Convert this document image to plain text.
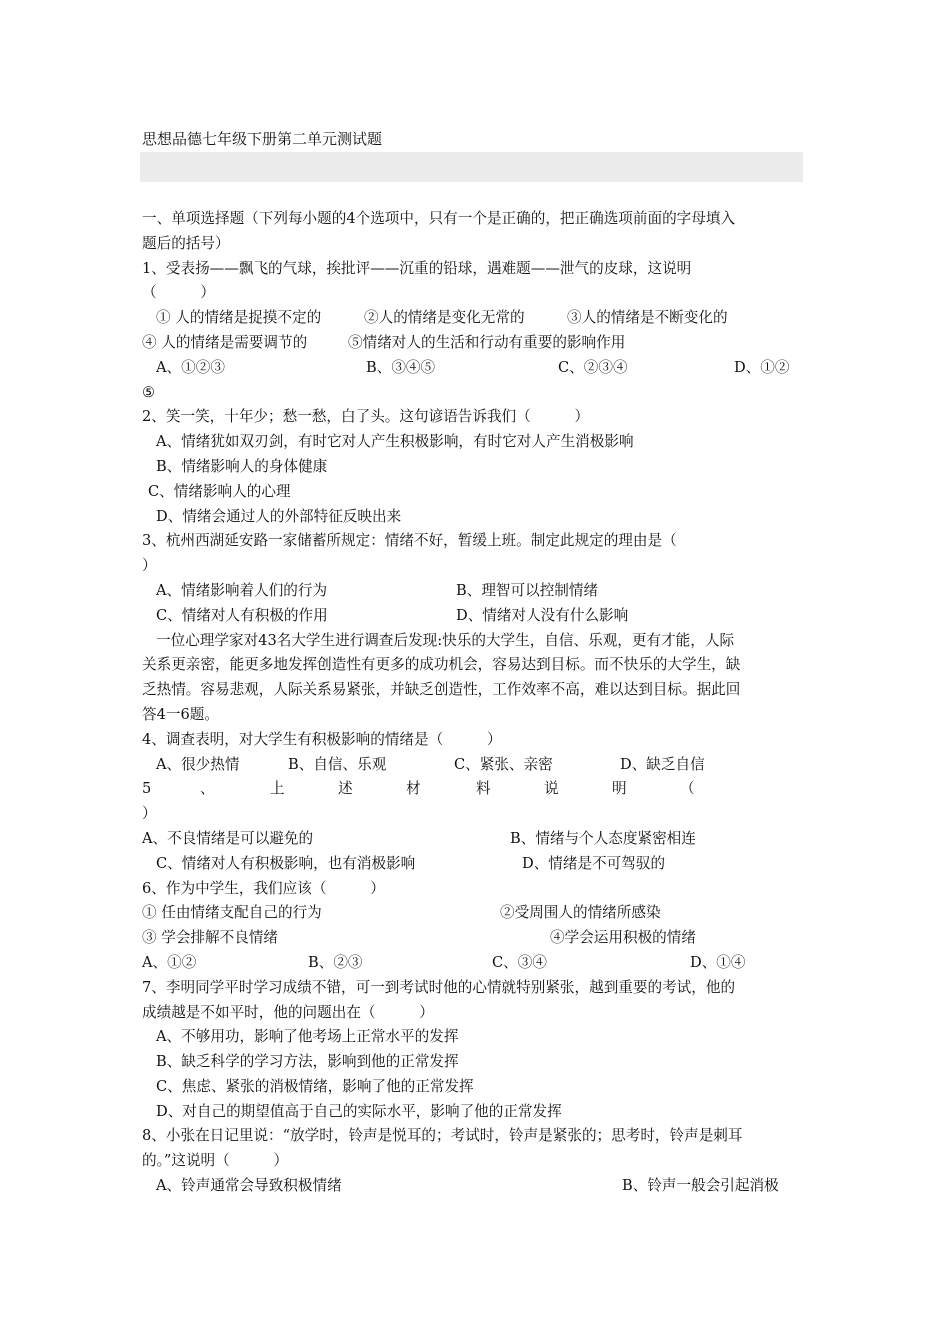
思想品德七年级下册第二单元测试题
一、单项选择题（下列每小题的4个选项中，只有一个是正确的，把正确选项前面的字母填入
题后的括号）
1、受表扬——飘飞的气球，挨批评——沉重的铅球，遇难题——泄气的皮球，这说明
（　　　）
① 人的情绪是捉摸不定的	②人的情绪是变化无常的	③人的情绪是不断变化的
④ 人的情绪是需要调节的	⑤情绪对人的生活和行动有重要的影响作用
A、①②③	B、③④⑤	C、②③④	D、①②
⑤
2、笑一笑，十年少；愁一愁，白了头。这句谚语告诉我们（　　　）
A、情绪犹如双刃剑，有时它对人产生积极影响，有时它对人产生消极影响
B、情绪影响人的身体健康
C、情绪影响人的心理
D、情绪会通过人的外部特征反映出来
3、杭州西湖延安路一家储蓄所规定：情绪不好，暂缓上班。制定此规定的理由是（
）
A、情绪影响着人们的行为	B、理智可以控制情绪
C、情绪对人有积极的作用	D、情绪对人没有什么影响
一位心理学家对43名大学生进行调查后发现:快乐的大学生，自信、乐观，更有才能，人际
关系更亲密，能更多地发挥创造性有更多的成功机会，容易达到目标。而不快乐的大学生，缺
乏热情。容易悲观，人际关系易紧张，并缺乏创造性，工作效率不高，难以达到目标。据此回
答4一6题。
4、调查表明，对大学生有积极影响的情绪是（　　　）
A、很少热情	B、自信、乐观	C、紧张、亲密	D、缺乏自信
5	、	上	述	材	料	说	明	（
）
A、不良情绪是可以避免的	B、情绪与个人态度紧密相连
C、情绪对人有积极影响，也有消极影响	D、情绪是不可驾驭的
6、作为中学生，我们应该（　　　）
① 任由情绪支配自己的行为	②受周围人的情绪所感染
③ 学会排解不良情绪	④学会运用积极的情绪
A、①②	B、②③	C、③④	D、①④
7、李明同学平时学习成绩不错，可一到考试时他的心情就特别紧张，越到重要的考试，他的
成绩越是不如平时，他的问题出在（　　　）
A、不够用功，影响了他考场上正常水平的发挥
B、缺乏科学的学习方法，影响到他的正常发挥
C、焦虑、紧张的消极情绪，影响了他的正常发挥
D、对自己的期望值高于自己的实际水平，影响了他的正常发挥
8、小张在日记里说：“放学时，铃声是悦耳的；考试时，铃声是紧张的；思考时，铃声是刺耳
的。”这说明（　　　）
A、铃声通常会导致积极情绪	B、铃声一般会引起消极
